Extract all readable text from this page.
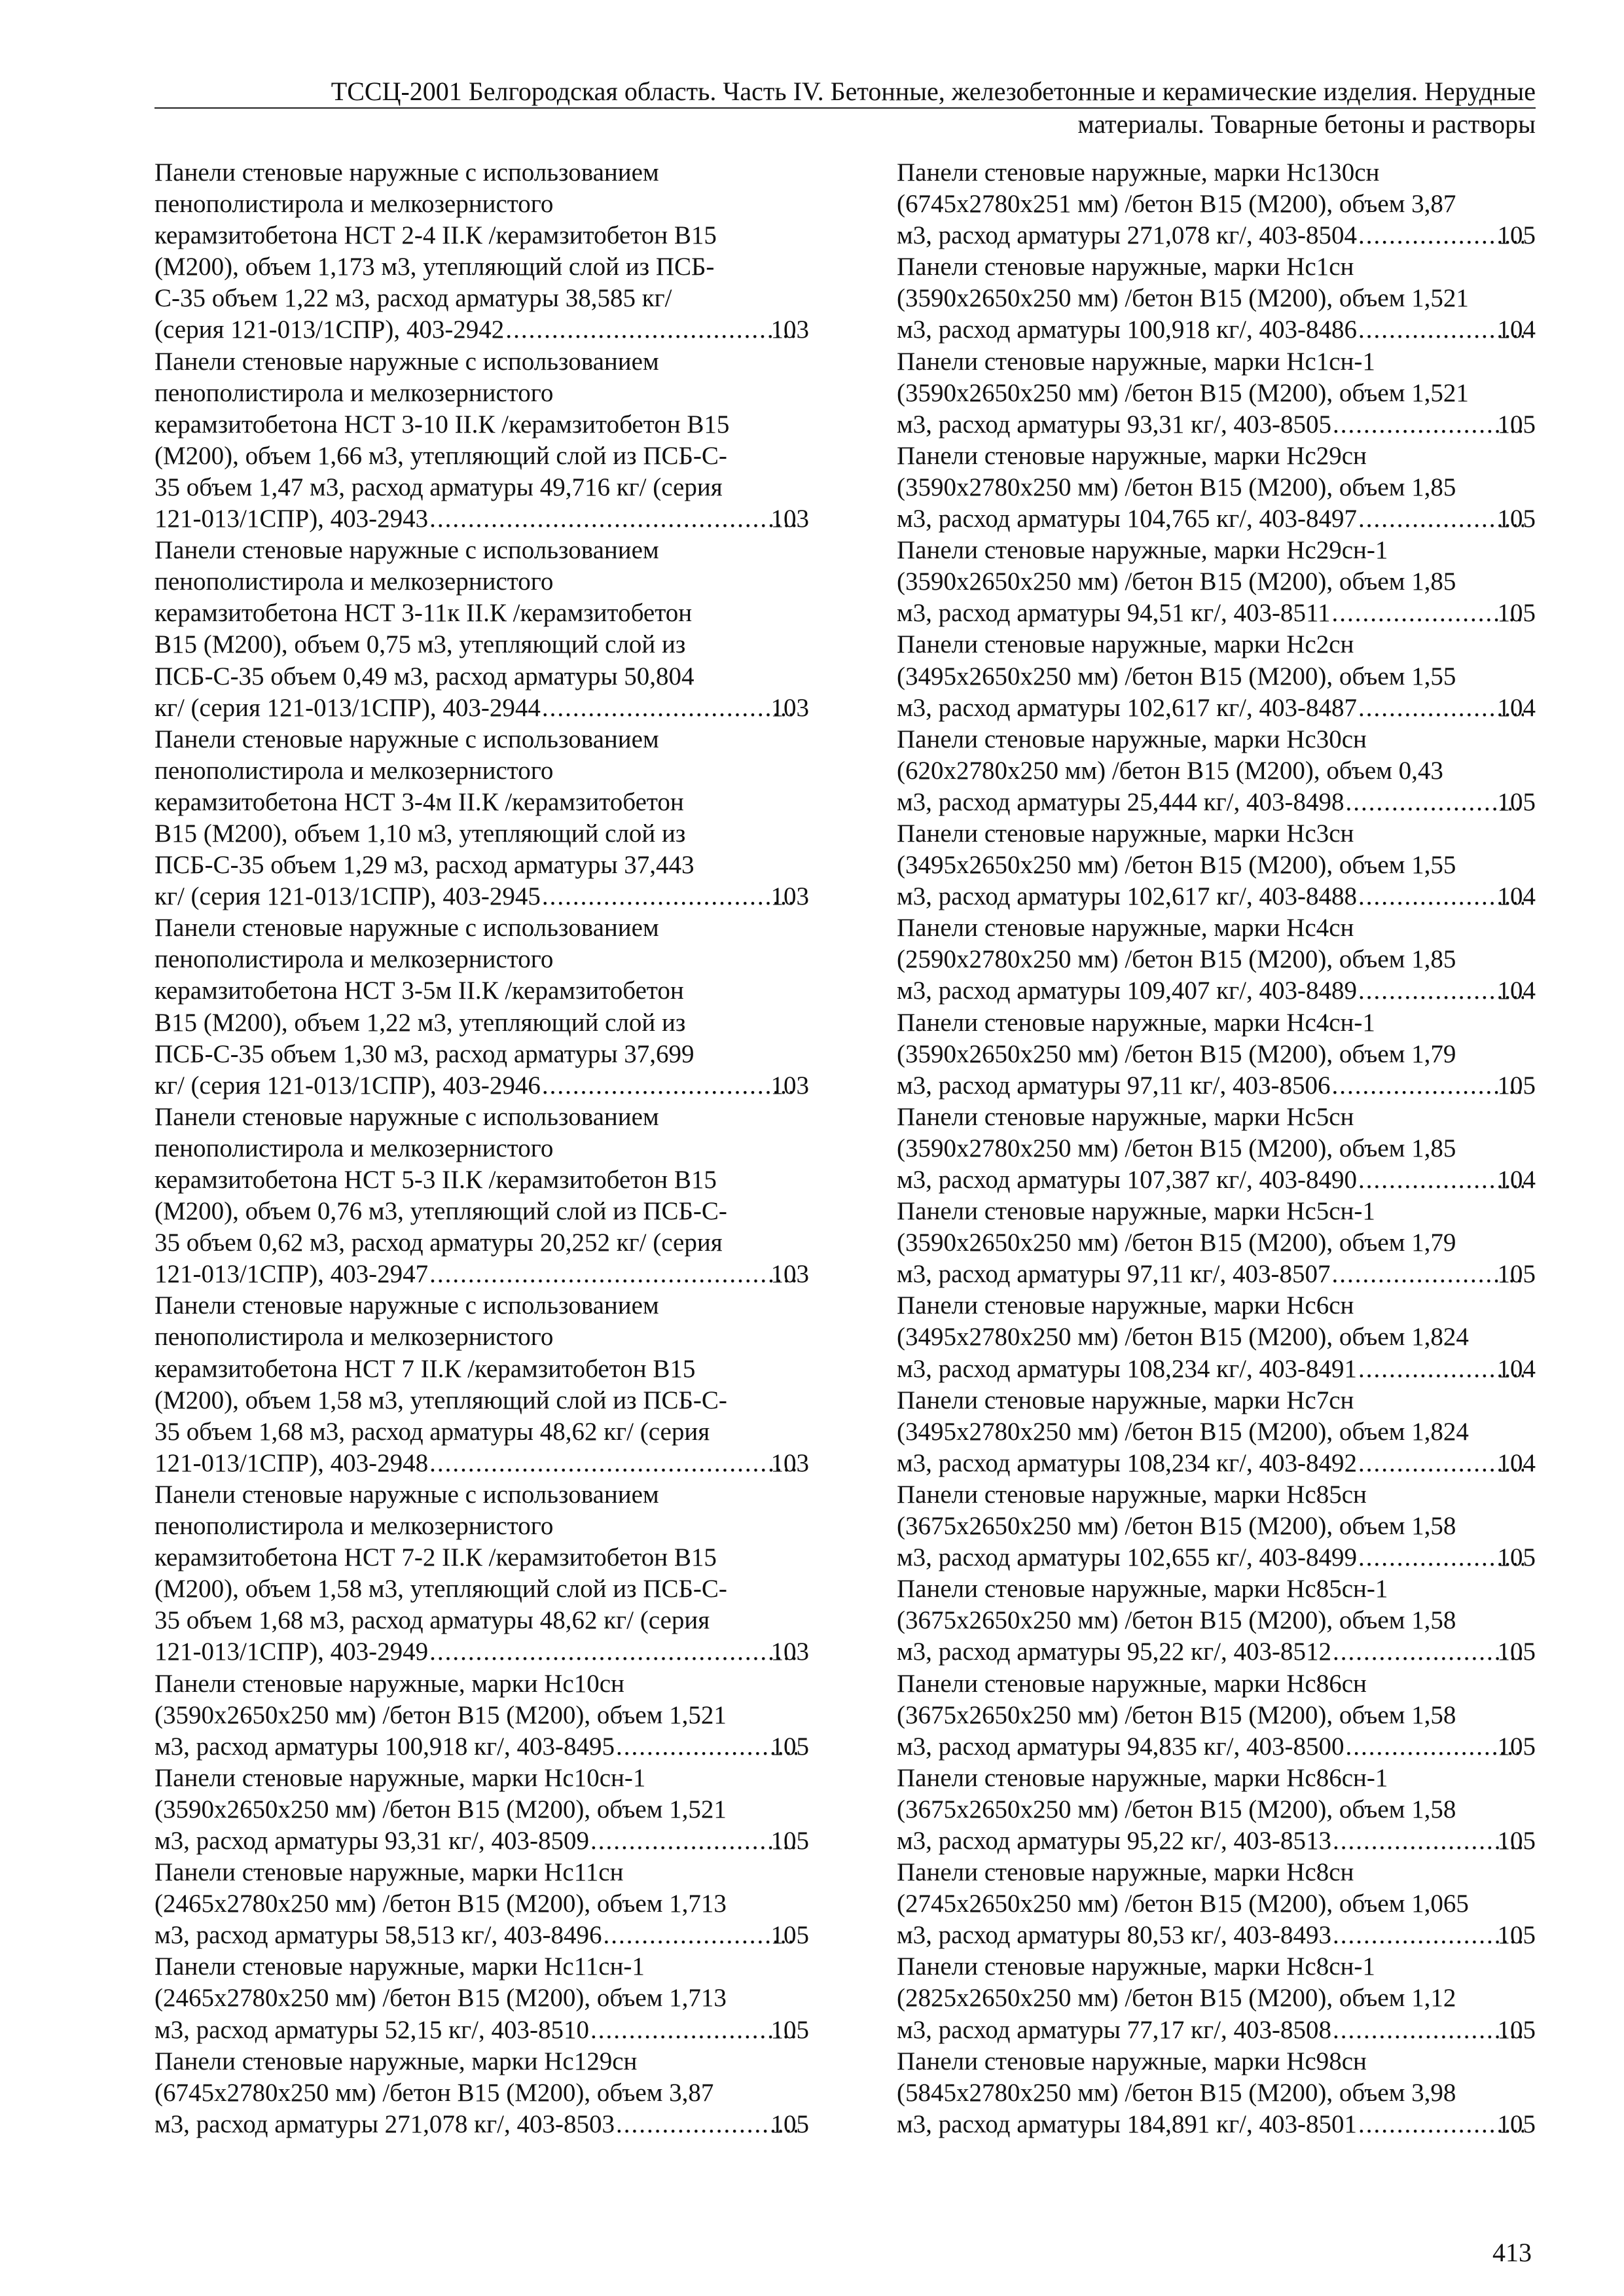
ТССЦ-2001 Белгородская область. Часть IV. Бетонные, железобетонные и керамические изделия. Нерудные
материалы. Товарные бетоны и растворы
Панели стеновые наружные с использованием
пенополистирола и мелкозернистого
керамзитобетона НСТ 2-4 II.К /керамзитобетон В15
(М200), объем 1,173 м3, утепляющий слой из ПСБ-
С-35 объем 1,22 м3, расход арматуры 38,585 кг/
(серия 121-013/1СПР), 403-2942 .....	103
Панели стеновые наружные с использованием
пенополистирола и мелкозернистого
керамзитобетона НСТ 3-10 II.К /керамзитобетон В15
(М200), объем 1,66 м3, утепляющий слой из ПСБ-С-
35 объем 1,47 м3, расход арматуры 49,716 кг/ (серия
121-013/1СПР), 403-2943 .....	103
Панели стеновые наружные с использованием
пенополистирола и мелкозернистого
керамзитобетона НСТ 3-11к II.К /керамзитобетон
В15 (М200), объем 0,75 м3, утепляющий слой из
ПСБ-С-35 объем 0,49 м3, расход арматуры 50,804
кг/ (серия 121-013/1СПР), 403-2944 .....	103
Панели стеновые наружные с использованием
пенополистирола и мелкозернистого
керамзитобетона НСТ 3-4м II.К /керамзитобетон
В15 (М200), объем 1,10 м3, утепляющий слой из
ПСБ-С-35 объем 1,29 м3, расход арматуры 37,443
кг/ (серия 121-013/1СПР), 403-2945 .....	103
Панели стеновые наружные с использованием
пенополистирола и мелкозернистого
керамзитобетона НСТ 3-5м II.К /керамзитобетон
В15 (М200), объем 1,22 м3, утепляющий слой из
ПСБ-С-35 объем 1,30 м3, расход арматуры 37,699
кг/ (серия 121-013/1СПР), 403-2946 .....	103
Панели стеновые наружные с использованием
пенополистирола и мелкозернистого
керамзитобетона НСТ 5-3 II.К /керамзитобетон В15
(М200), объем 0,76 м3, утепляющий слой из ПСБ-С-
35 объем 0,62 м3, расход арматуры 20,252 кг/ (серия
121-013/1СПР), 403-2947 .....	103
Панели стеновые наружные с использованием
пенополистирола и мелкозернистого
керамзитобетона НСТ 7 II.К /керамзитобетон В15
(М200), объем 1,58 м3, утепляющий слой из ПСБ-С-
35 объем 1,68 м3, расход арматуры 48,62 кг/ (серия
121-013/1СПР), 403-2948 .....	103
Панели стеновые наружные с использованием
пенополистирола и мелкозернистого
керамзитобетона НСТ 7-2 II.К /керамзитобетон В15
(М200), объем 1,58 м3, утепляющий слой из ПСБ-С-
35 объем 1,68 м3, расход арматуры 48,62 кг/ (серия
121-013/1СПР), 403-2949 .....	103
Панели стеновые наружные, марки Нс10сн
(3590х2650х250 мм) /бетон В15 (М200), объем 1,521
м3, расход арматуры 100,918 кг/, 403-8495 .....	105
Панели стеновые наружные, марки Нс10сн-1
(3590х2650х250 мм) /бетон В15 (М200), объем 1,521
м3, расход арматуры 93,31 кг/, 403-8509 .....	105
Панели стеновые наружные, марки Нс11сн
(2465х2780х250 мм) /бетон В15 (М200), объем 1,713
м3, расход арматуры 58,513 кг/, 403-8496 .....	105
Панели стеновые наружные, марки Нс11сн-1
(2465х2780х250 мм) /бетон В15 (М200), объем 1,713
м3, расход арматуры 52,15 кг/, 403-8510 .....	105
Панели стеновые наружные, марки Нс129сн
(6745х2780х250 мм) /бетон В15 (М200), объем 3,87
м3, расход арматуры 271,078 кг/, 403-8503 .....	105
Панели стеновые наружные, марки Нс130сн
(6745х2780х251 мм) /бетон В15 (М200), объем 3,87
м3, расход арматуры 271,078 кг/, 403-8504 .....	105
Панели стеновые наружные, марки Нс1сн
(3590х2650х250 мм) /бетон В15 (М200), объем 1,521
м3, расход арматуры 100,918 кг/, 403-8486 .....	104
Панели стеновые наружные, марки Нс1сн-1
(3590х2650х250 мм) /бетон В15 (М200), объем 1,521
м3, расход арматуры 93,31 кг/, 403-8505 .....	105
Панели стеновые наружные, марки Нс29сн
(3590х2780х250 мм) /бетон В15 (М200), объем 1,85
м3, расход арматуры 104,765 кг/, 403-8497 .....	105
Панели стеновые наружные, марки Нс29сн-1
(3590х2650х250 мм) /бетон В15 (М200), объем 1,85
м3, расход арматуры 94,51 кг/, 403-8511 .....	105
Панели стеновые наружные, марки Нс2сн
(3495х2650х250 мм) /бетон В15 (М200), объем 1,55
м3, расход арматуры 102,617 кг/, 403-8487 .....	104
Панели стеновые наружные, марки Нс30сн
(620х2780х250 мм) /бетон В15 (М200), объем 0,43
м3, расход арматуры 25,444 кг/, 403-8498 .....	105
Панели стеновые наружные, марки Нс3сн
(3495х2650х250 мм) /бетон В15 (М200), объем 1,55
м3, расход арматуры 102,617 кг/, 403-8488 .....	104
Панели стеновые наружные, марки Нс4сн
(2590х2780х250 мм) /бетон В15 (М200), объем 1,85
м3, расход арматуры 109,407 кг/, 403-8489 .....	104
Панели стеновые наружные, марки Нс4сн-1
(3590х2650х250 мм) /бетон В15 (М200), объем 1,79
м3, расход арматуры 97,11 кг/, 403-8506 .....	105
Панели стеновые наружные, марки Нс5сн
(3590х2780х250 мм) /бетон В15 (М200), объем 1,85
м3, расход арматуры 107,387 кг/, 403-8490 .....	104
Панели стеновые наружные, марки Нс5сн-1
(3590х2650х250 мм) /бетон В15 (М200), объем 1,79
м3, расход арматуры 97,11 кг/, 403-8507 .....	105
Панели стеновые наружные, марки Нс6сн
(3495х2780х250 мм) /бетон В15 (М200), объем 1,824
м3, расход арматуры 108,234 кг/, 403-8491 .....	104
Панели стеновые наружные, марки Нс7сн
(3495х2780х250 мм) /бетон В15 (М200), объем 1,824
м3, расход арматуры 108,234 кг/, 403-8492 .....	104
Панели стеновые наружные, марки Нс85сн
(3675х2650х250 мм) /бетон В15 (М200), объем 1,58
м3, расход арматуры 102,655 кг/, 403-8499 .....	105
Панели стеновые наружные, марки Нс85сн-1
(3675х2650х250 мм) /бетон В15 (М200), объем 1,58
м3, расход арматуры 95,22 кг/, 403-8512 .....	105
Панели стеновые наружные, марки Нс86сн
(3675х2650х250 мм) /бетон В15 (М200), объем 1,58
м3, расход арматуры 94,835 кг/, 403-8500 .....	105
Панели стеновые наружные, марки Нс86сн-1
(3675х2650х250 мм) /бетон В15 (М200), объем 1,58
м3, расход арматуры 95,22 кг/, 403-8513 .....	105
Панели стеновые наружные, марки Нс8сн
(2745х2650х250 мм) /бетон В15 (М200), объем 1,065
м3, расход арматуры 80,53 кг/, 403-8493 .....	105
Панели стеновые наружные, марки Нс8сн-1
(2825х2650х250 мм) /бетон В15 (М200), объем 1,12
м3, расход арматуры 77,17 кг/, 403-8508 .....	105
Панели стеновые наружные, марки Нс98сн
(5845х2780х250 мм) /бетон В15 (М200), объем 3,98
м3, расход арматуры 184,891 кг/, 403-8501 .....	105
413
